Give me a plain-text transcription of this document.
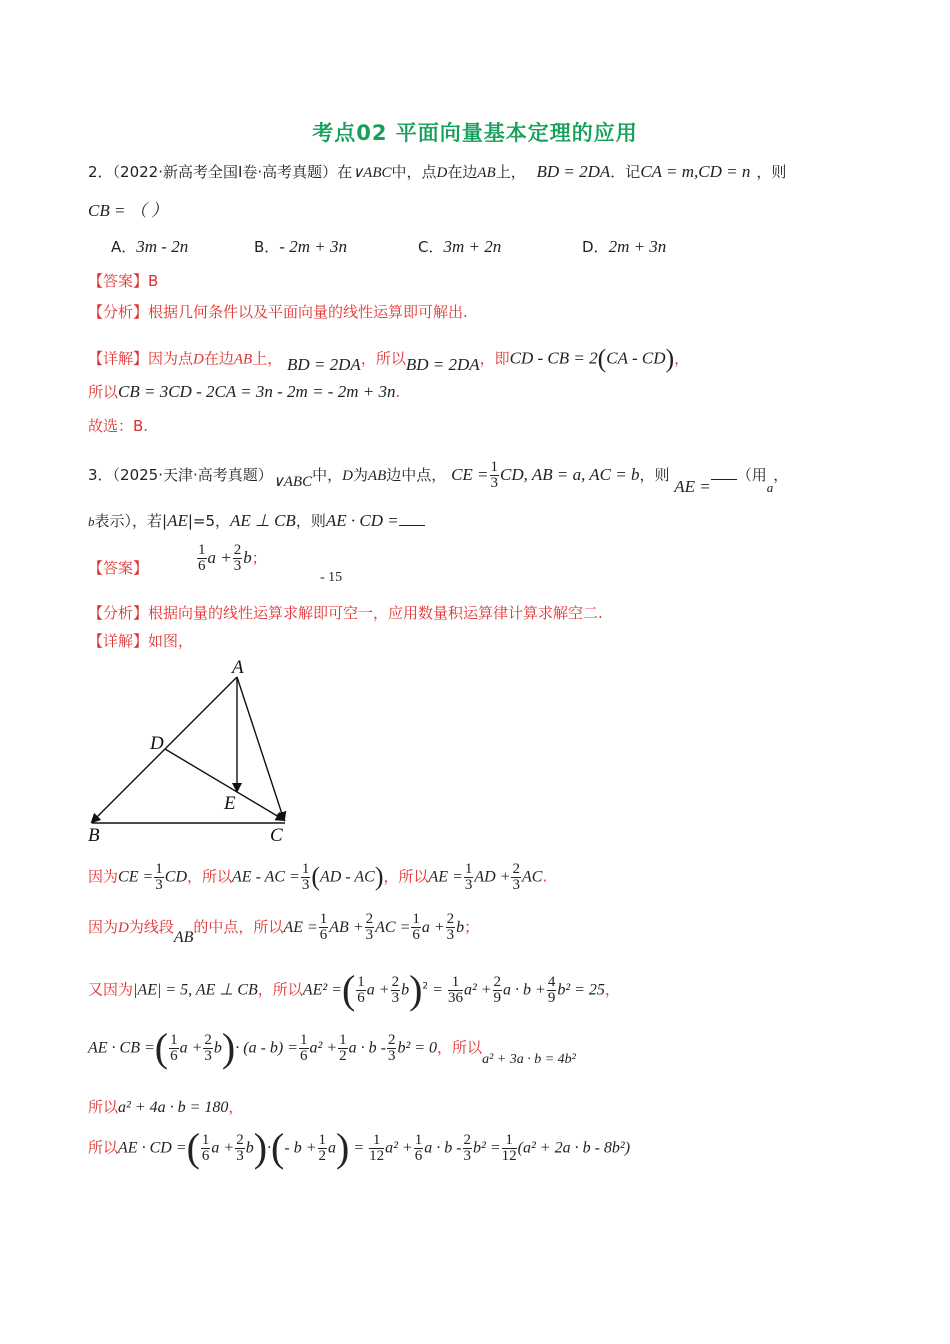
考点02 平面向量基本定理的应用
2．（2022·新高考全国Ⅰ卷·高考真题）在∨ABC中，点D在边AB上， BD = 2DA．记CA = m,CD = n ，则
CB = （ ）
A．3m - 2n	B．- 2m + 3n	C．3m + 2n	D．2m + 3n
【答案】B
【分析】根据几何条件以及平面向量的线性运算即可解出.
【详解】因为点D在边AB上， BD = 2DA，所以BD = 2DA，即CD - CB = 2(CA - CD)，
所以CB = 3CD - 2CA = 3n - 2m = - 2m + 3n.
故选：B.
3．（2025·天津·高考真题）∨ABC中，D为AB边中点， CE = $\frac{1}{3}$ CD, AB = a, AC = b，则 AE =（用a，
b表示），若|AE|=5，AE ⊥ CB，则AE · CD =
【答案】	$\frac{1}{6}$ $a + \frac{2}{3}$ b；
- 15
【分析】根据向量的线性运算求解即可空一，应用数量积运算律计算求解空二.
【详解】如图，
A
B	C
D
E
因为CE = $\frac{1}{3}$ CD，所以AE - AC = $\frac{1}{3} (AD - AC)$，所以AE = $\frac{1}{3}$ AD + $\frac{2}{3}$ AC.
因为D为线段AB的中点，所以AE = $\frac{1}{6}$ AB + $\frac{2}{3}$ AC = $\frac{1}{6}$ $a + \frac{2}{3}$ b；
又因为|AE| = 5, AE ⊥ CB，所以AE² =( $\frac{1}{6}$ $a + \frac{2}{3} b)^2 = \frac{1}{36} a^2 + \frac{2}{9}$ $a \cdot b + \frac{4}{9} b^2 = 25$，
AE · CB =( $\frac{1}{6}$ $a + \frac{2}{3} b)\cdot (a - b) = \frac{1}{6} a^2 + \frac{1}{2}$ $a \cdot b - \frac{2}{3} b^2 = 0$，所以a² + 3a · b = 4b²
所以a² + 4a · b = 180，
所以AE · CD =( $\frac{1}{6}$ $a + \frac{2}{3} b)\cdot(-$ $b + \frac{1}{2} a) = \frac{1}{12} a^2 + \frac{1}{6}$ $a \cdot b - \frac{2}{3} b^2 = \frac{1}{12} (a^2 + 2a \cdot b - 8b^2)$
